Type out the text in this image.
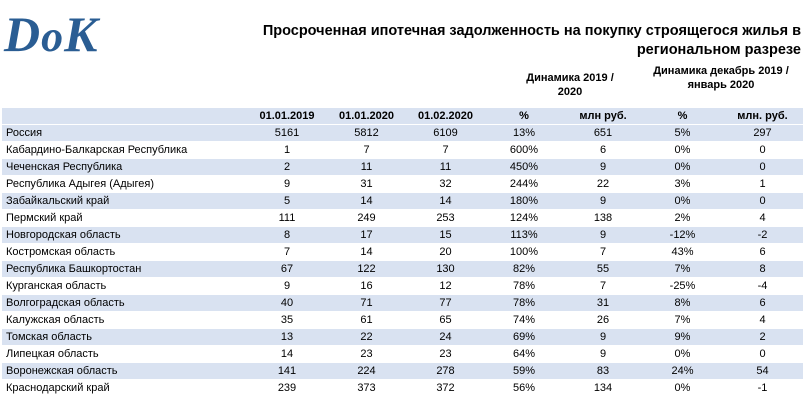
DoK	Просроченная ипотечная задолженность на покупку строящегося жилья в региональном разрезе
Динамика 2019 / 2020
Динамика декабрь 2019 / январь 2020
	01.01.2019	01.01.2020	01.02.2020	%	млн руб.	%	млн. руб.
Россия	5161	5812	6109	13%	651	5%	297
Кабардино-Балкарская Республика	1	7	7	600%	6	0%	0
Чеченская Республика	2	11	11	450%	9	0%	0
Республика Адыгея (Адыгея)	9	31	32	244%	22	3%	1
Забайкальский край	5	14	14	180%	9	0%	0
Пермский край	111	249	253	124%	138	2%	4
Новгородская область	8	17	15	113%	9	-12%	-2
Костромская область	7	14	20	100%	7	43%	6
Республика Башкортостан	67	122	130	82%	55	7%	8
Курганская область	9	16	12	78%	7	-25%	-4
Волгоградская область	40	71	77	78%	31	8%	6
Калужская область	35	61	65	74%	26	7%	4
Томская область	13	22	24	69%	9	9%	2
Липецкая область	14	23	23	64%	9	0%	0
Воронежская область	141	224	278	59%	83	24%	54
Краснодарский край	239	373	372	56%	134	0%	-1
